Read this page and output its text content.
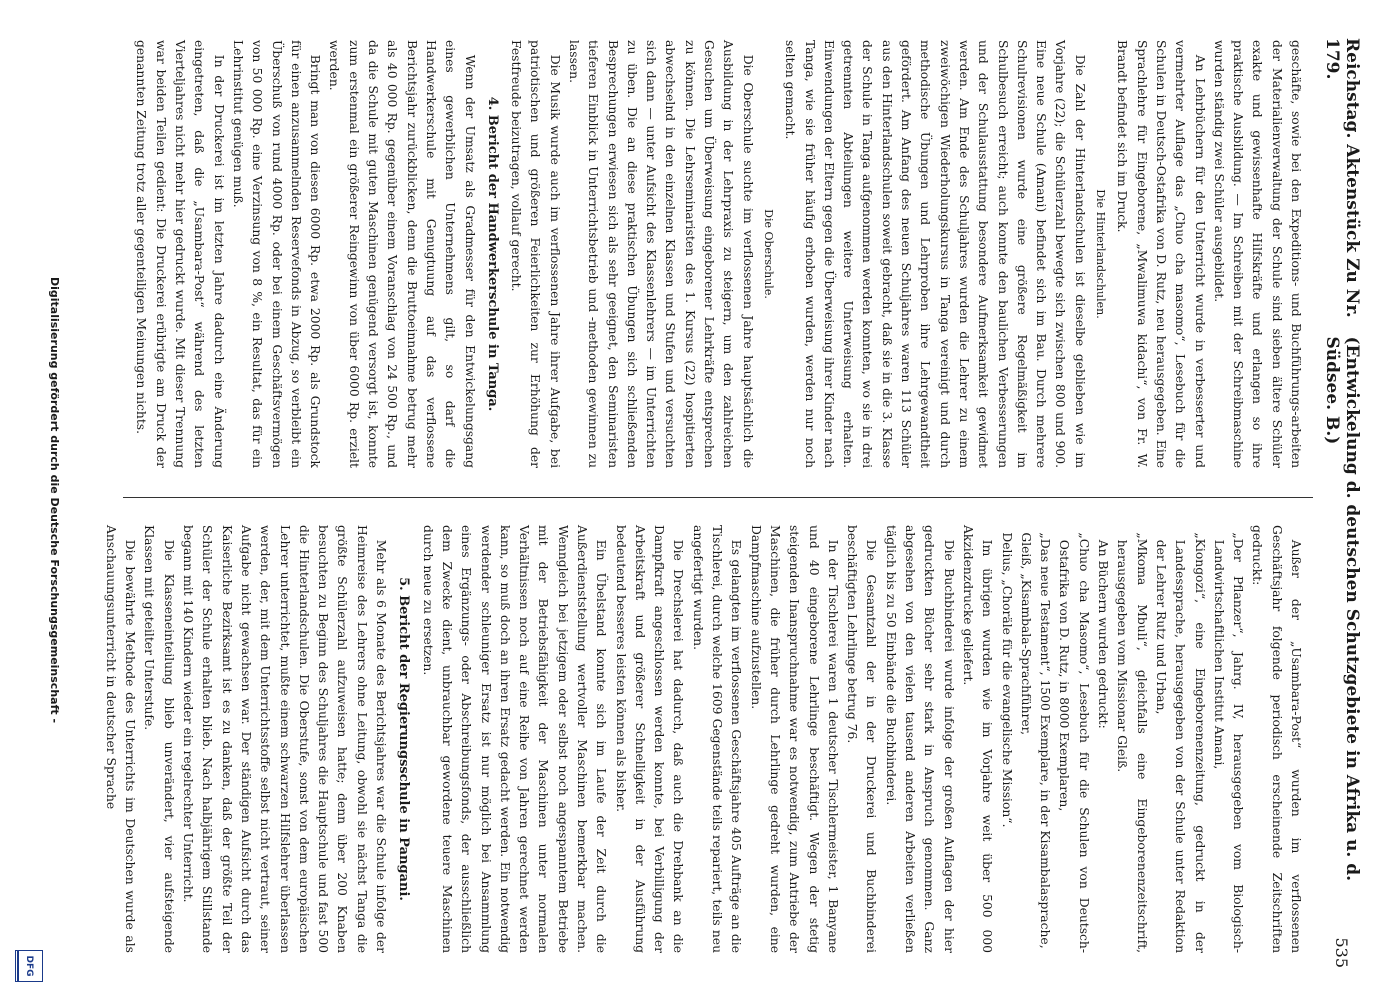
Reichstag. Aktenstück Zu Nr. 179.
(Entwickelung d. deutschen Schutzgebiete in Afrika u. d. Südsee. B.)
535

geschäfte, sowie bei den Expeditions- und Buchführungs-arbeiten der Materialienverwaltung der Schule sind sieben ältere Schüler exakte und gewissenhafte Hilfskräfte und erlangen so ihre praktische Ausbildung. — Im Schreiben mit der Schreibmaschine wurden ständig zwei Schüler ausgebildet.

An Lehrbüchern für den Unterricht wurde in verbesserter und vermehrter Auflage das „Chuo cha masomo“, Lesebuch für die Schulen in Deutsch-Ostafrika von D. Rutz, neu herausgegeben. Eine Sprachlehre für Eingeborene, „Mwalimuwa kidachi“, von Fr. W. Brandt befindet sich im Druck.

Die Hinterlandschulen.

Die Zahl der Hinterlandschulen ist dieselbe geblieben wie im Vorjahre (22); die Schülerzahl bewegte sich zwischen 800 und 900. Eine neue Schule (Amani) befindet sich im Bau. Durch mehrere Schulrevisionen wurde eine größere Regelmäßigkeit im Schulbesuch erreicht; auch konnte den baulichen Verbesserungen und der Schulausstattung besondere Aufmerksamkeit gewidmet werden. Am Ende des Schuljahres wurden die Lehrer zu einem zweiwöchigen Wiederholungskursus in Tanga vereinigt und durch methodische Übungen und Lehrproben ihre Lehrgewandtheit gefördert. Am Anfang des neuen Schuljahres waren 113 Schüler aus den Hinterlandschulen soweit gebracht, daß sie in die 3. Klasse der Schule in Tanga aufgenommen werden konnten, wo sie in drei getrennten Abteilungen weitere Unterweisung erhalten. Einwendungen der Eltern gegen die Überweisung ihrer Kinder nach Tanga, wie sie früher häufig erhoben wurden, werden nur noch selten gemacht.

Die Oberschule.

Die Oberschule suchte im verflossenen Jahre hauptsächlich die Ausbildung in der Lehrpraxis zu steigern, um den zahlreichen Gesuchen um Überweisung eingeborener Lehrkräfte entsprechen zu können. Die Lehrseminaristen des 1. Kursus (22) hospitierten abwechselnd in den einzelnen Klassen und Stufen und versuchten sich dann — unter Aufsicht des Klassenlehrers — im Unterrichten zu üben. Die an diese praktischen Übungen sich schließenden Besprechungen erwiesen sich als sehr geeignet, den Seminaristen tieferen Einblick in Unterrichtsbetrieb und -methoden gewinnen zu lassen.

Die Musik wurde auch im verflossenen Jahre ihrer Aufgabe, bei patriotischen und größeren Feierlichkeiten zur Erhöhung der Festfreude beizutragen, vollauf gerecht.

4. Bericht der Handwerkerschule in Tanga.

Wenn der Umsatz als Gradmesser für den Entwickelungsgang eines gewerblichen Unternehmens gilt, so darf die Handwerkerschule mit Genugtuung auf das verflossene Berichtsjahr zurückblicken, denn die Bruttoeinnahme betrug mehr als 40 000 Rp. gegenüber einem Voranschlag von 24 500 Rp., und da die Schule mit guten Maschinen genügend versorgt ist, konnte zum erstenmal ein größerer Reingewinn von über 6000 Rp. erzielt werden.

Bringt man von diesen 6000 Rp. etwa 2000 Rp. als Grundstock für einen anzusammelnden Reservefonds in Abzug, so verbleibt ein Überschuß von rund 4000 Rp. oder bei einem Geschäftsvermögen von 50 000 Rp. eine Verzinsung von 8 %, ein Resultat, das für ein Lehrinstitut genügen muß.

In der Druckerei ist im letzten Jahre dadurch eine Änderung eingetreten, daß die „Usambara-Post“ während des letzten Vierteljahres nicht mehr hier gedruckt wurde. Mit dieser Trennung war beiden Teilen gedient: Die Druckerei erübrigte am Druck der genannten Zeitung trotz aller gegenteiligen Meinungen nichts.

Außer der „Usambara-Post“ wurden im verflossenen Geschäftsjahr folgende periodisch erscheinende Zeitschriften gedruckt:

„Der Pflanzer“, Jahrg. IV, herausgegeben vom Biologisch-Landwirtschaftlichen Institut Amani,

„Kiongozi“, eine Eingeborenenzeitung, gedruckt in der Landessprache, herausgegeben von der Schule unter Redaktion der Lehrer Rutz und Urban,

„Mkoma Mbuli“, gleichfalls eine Eingeborenenzeitschrift, herausgegeben vom Missionar Gleiß.

An Büchern wurden gedruckt:

„Chuo cha Masomo“, Lesebuch für die Schulen von Deutsch-Ostafrika von D. Rutz, in 8000 Exemplaren,

„Das neue Testament“, 1500 Exemplare, in der Kisambalasprache,

Gleiß, „Kisambala-Sprachführer,

Delius, „Choräle für die evangelische Mission“.

Im übrigen wurden wie im Vorjahre weit über 500 000 Akzidenzdrucke geliefert.

Die Buchbinderei wurde infolge der großen Auflagen der hier gedruckten Bücher sehr stark in Anspruch genommen. Ganz abgesehen von den vielen tausend anderen Arbeiten verließen täglich bis zu 50 Einbände die Buchbinderei.

Die Gesamtzahl der in der Druckerei und Buchbinderei beschäftigten Lehrlinge betrug 76.

In der Tischlerei waren 1 deutscher Tischlermeister, 1 Banyane und 40 eingeborene Lehrlinge beschäftigt. Wegen der stetig steigenden Inanspruchnahme war es notwendig, zum Antriebe der Maschinen, die früher durch Lehrlinge gedreht wurden, eine Dampfmaschine aufzustellen.

Es gelangten im verflossenen Geschäftsjahre 405 Aufträge an die Tischlerei, durch welche 1609 Gegenstände teils repariert, teils neu angefertigt wurden.

Die Drechslerei hat dadurch, daß auch die Drehbank an die Dampfkraft angeschlossen werden konnte, bei Verbilligung der Arbeitskraft und größerer Schnelligkeit in der Ausführung bedeutend besseres leisten können als bisher.

Ein Übelstand konnte sich im Laufe der Zeit durch die Außerdienststellung wertvoller Maschinen bemerkbar machen. Wenngleich bei jetzigem oder selbst noch angespanntem Betriebe mit der Betriebsfähigkeit der Maschinen unter normalen Verhältnissen noch auf eine Reihe von Jahren gerechnet werden kann, so muß doch an ihren Ersatz gedacht werden. Ein notwendig werdender schleuniger Ersatz ist nur möglich bei Ansammlung eines Ergänzungs- oder Abschreibungsfonds, der ausschließlich dem Zwecke dient, unbrauchbar gewordene teuere Maschinen durch neue zu ersetzen.

5. Bericht der Regierungsschule in Pangani.

Mehr als 6 Monate des Berichtsjahres war die Schule infolge der Heimreise des Lehrers ohne Leitung, obwohl sie nächst Tanga die größte Schülerzahl aufzuweisen hatte; denn über 200 Knaben besuchten zu Beginn des Schuljahres die Hauptschule und fast 500 die Hinterlandschulen. Die Oberstufe, sonst von dem europäischen Lehrer unterrichtet, mußte einem schwarzen Hilfslehrer überlassen werden, der, mit dem Unterrichtsstoffe selbst nicht vertraut, seiner Aufgabe nicht gewachsen war. Der ständigen Aufsicht durch das Kaiserliche Bezirksamt ist es zu danken, daß der größte Teil der Schüler der Schule erhalten blieb. Nach halbjährigem Stillstande begann mit 140 Kindern wieder ein regelrechter Unterricht.

Die Klasseneinteilung blieb unverändert, vier aufsteigende Klassen mit geteilter Unterstufe.

Die bewährte Methode des Unterrichts im Deutschen wurde als Anschauungsunterricht in deutscher Sprache

Digitalisierung gefördert durch die Deutsche Forschungsgemeinschaft -
DFG
